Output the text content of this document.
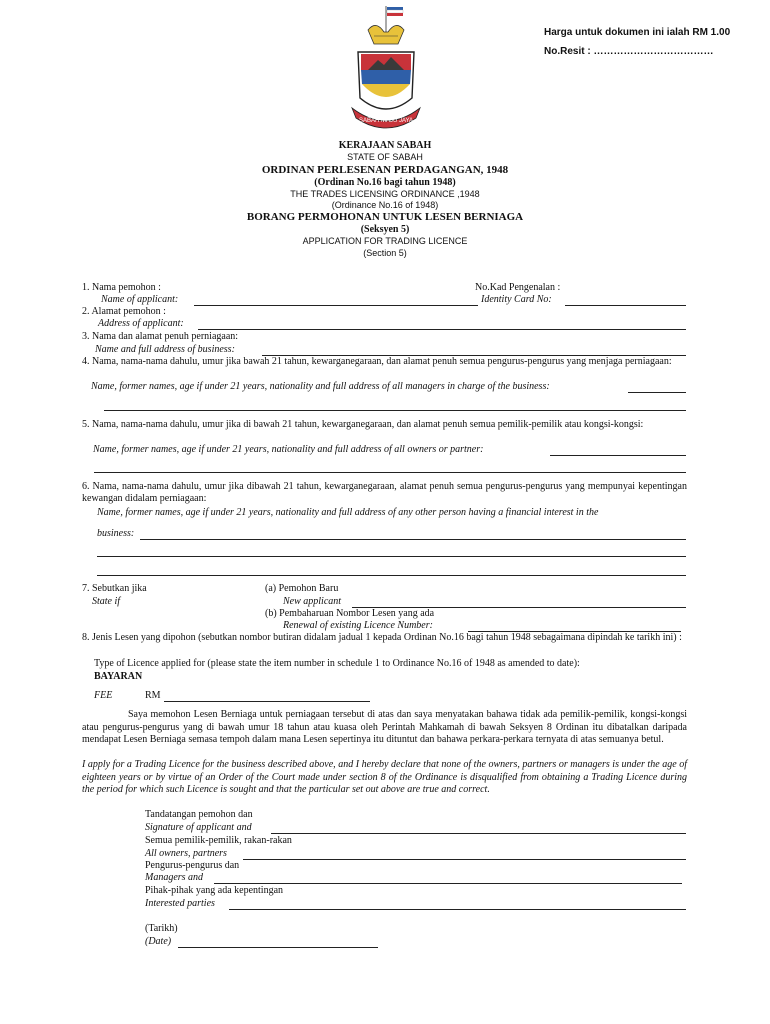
Harga untuk dokumen ini ialah RM 1.00
No.Resit : ………………………………
SABAH MAJU JAYA
KERAJAAN SABAH
STATE OF SABAH
ORDINAN PERLESENAN PERDAGANGAN, 1948
(Ordinan No.16 bagi tahun 1948)
THE TRADES LICENSING ORDINANCE ,1948
(Ordinance No.16 of 1948)
BORANG PERMOHONAN UNTUK LESEN BERNIAGA
(Seksyen 5)
APPLICATION FOR TRADING LICENCE
(Section 5)
1. Nama pemohon :	No.Kad Pengenalan :
Name of applicant:	Identity Card No:
2. Alamat pemohon :
Address of applicant:
3. Nama dan alamat penuh perniagaan:
Name and full address of business:
4. Nama, nama-nama dahulu, umur jika bawah 21 tahun, kewarganegaraan, dan alamat penuh semua pengurus-pengurus yang menjaga perniagaan:
Name, former names, age if under 21 years, nationality and full address of all managers in charge of the business:
5. Nama, nama-nama dahulu, umur jika di bawah 21 tahun, kewarganegaraan, dan alamat penuh semua pemilik-pemilik atau kongsi-kongsi:
Name, former names, age if under 21 years, nationality and full address of all owners or partner:
6. Nama, nama-nama dahulu, umur jika dibawah 21 tahun, kewarganegaraan, alamat penuh semua pengurus-pengurus yang mempunyai kepentingan kewangan didalam perniagaan:
Name, former names, age if under 21 years, nationality and full address of any other person having a financial interest in the
business:
7. Sebutkan jika
State if
(a) Pemohon Baru
New applicant
(b) Pembaharuan Nombor Lesen yang ada
Renewal of existing Licence Number:
8. Jenis Lesen yang dipohon (sebutkan nombor butiran didalam jadual 1 kepada Ordinan No.16 bagi tahun 1948 sebagaimana dipindah ke tarikh ini) :
Type of Licence applied for (please state the item number in schedule 1 to Ordinance No.16 of 1948 as amended to date):
BAYARAN
FEE	RM
Saya memohon Lesen Berniaga untuk perniagaan tersebut di atas dan saya menyatakan bahawa tidak ada pemilik-pemilik, kongsi-kongsi atau pengurus-pengurus yang di bawah umur 18 tahun atau kuasa oleh Perintah Mahkamah di bawah Seksyen 8 Ordinan itu dibatalkan daripada mendapat Lesen Berniaga semasa tempoh dalam mana Lesen sepertinya itu dituntut dan bahawa perkara-perkara ternyata di atas semuanya betul.
I apply for a Trading Licence for the business described above, and I hereby declare that none of the owners, partners or managers is under the age of eighteen years or by virtue of an Order of the Court made under section 8 of the Ordinance is disqualified from obtaining a Trading Licence during the period for which such Licence is sought and that the particular set out above are true and correct.
Tandatangan pemohon dan
Signature of applicant and
Semua pemilik-pemilik, rakan-rakan
All owners, partners
Pengurus-pengurus dan
Managers and
Pihak-pihak yang ada kepentingan
Interested parties
(Tarikh)
(Date)
